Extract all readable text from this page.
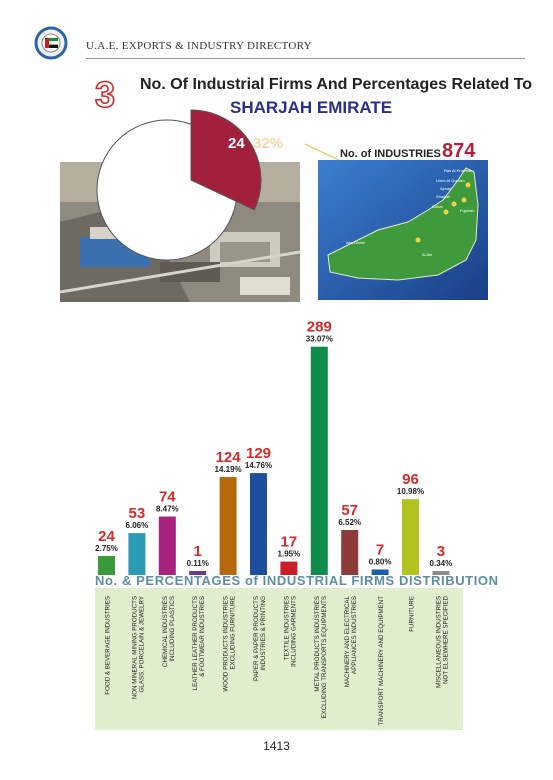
U.A.E. EXPORTS & INDUSTRY DIRECTORY
3 No. Of Industrial Firms And Percentages Related To
SHARJAH EMIRATE
24 32%
Ras Al Khaimah
Umm Al Quwain
Ajman
Sharjah
Dubai
Fujairah
Abu Dhabi
Al Ain
No. of INDUSTRIES 874
2.75%
24
FOOD & BEVERAGE INDUSTRIES
6.06%
53
NON MINERAL MINING PRODUCTSGLASS, PORCELAIN & JEWELRY
8.47%
74
CHEMICAL INDUSTRIESINCLUDING PLASTICS
0.11%
1
LEATHER LEATHER PRODUCTS& FOOTWEAR INDUSTRIES
14.19%
124
WOOD PRODUCTS INDUSTRIESEXCLUDING FURNITURE
14.76%
129
PAPER & PAPER PRODUCTSINDUSTRIES & PRINTING
1.95%
17
TEXTILE INDUSTRIESINCLUDING GARMENTS
33.07%
289
METAL PRODUCTS INDUSTRIESEXCLUDING TRANSPORTS EQUIPMENTS
6.52%
57
MACHINERY AND ELECTRICALAPPLIANCES INDUSTRIES
0.80%
7
TRANSPORT MACHINERY AND EQUIPMENT
10.98%
96
FURNITURE
0.34%
3
MISCELLANEOUS INDUSTRIESNOT ELSEWHERE SPECIFIED
No. & PERCENTAGES of INDUSTRIAL FIRMS DISTRIBUTION
1413
